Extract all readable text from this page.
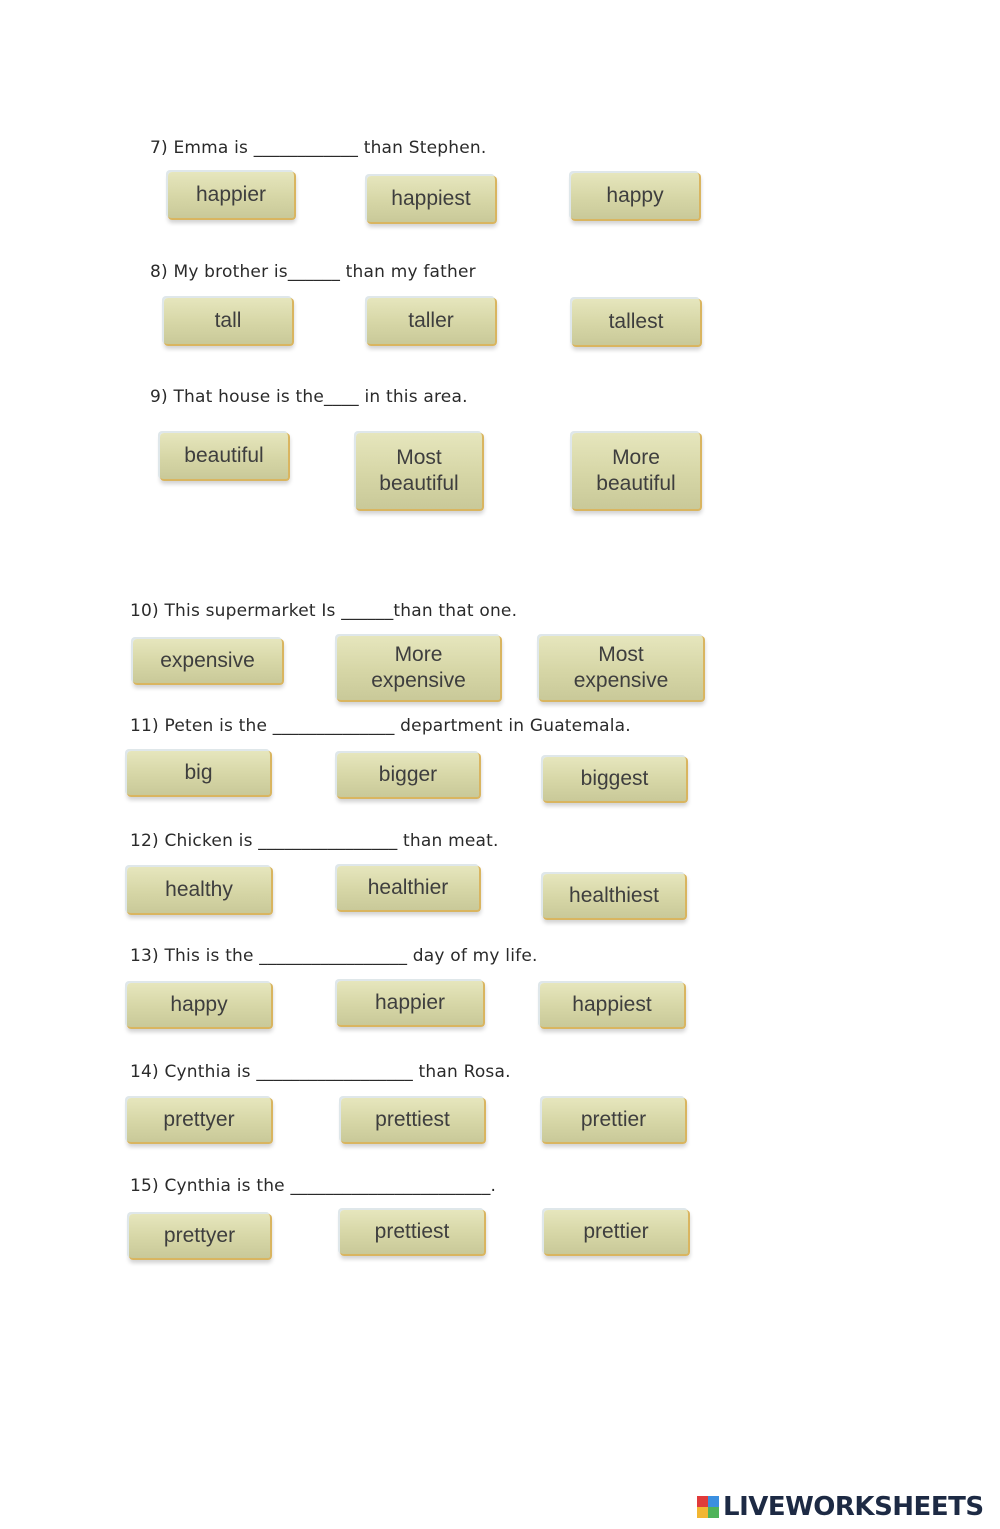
7) Emma is ____________ than Stephen.
happier	happiest	happy
8) My brother is______ than my father
tall	taller	tallest
9) That house is the____ in this area.
beautiful	Most beautiful
More beautiful
10) This supermarket Is ______than that one.
expensive	More expensive
Most expensive
11) Peten is the ______________ department in Guatemala.
big	bigger	biggest
12) Chicken is ________________ than meat.
healthy	healthier	healthiest
13) This is the _________________ day of my life.
happy	happier	happiest
14) Cynthia is __________________ than Rosa.
prettyer	prettiest	prettier
15) Cynthia is the _______________________.
prettyer	prettiest	prettier
LIVEWORKSHEETS
